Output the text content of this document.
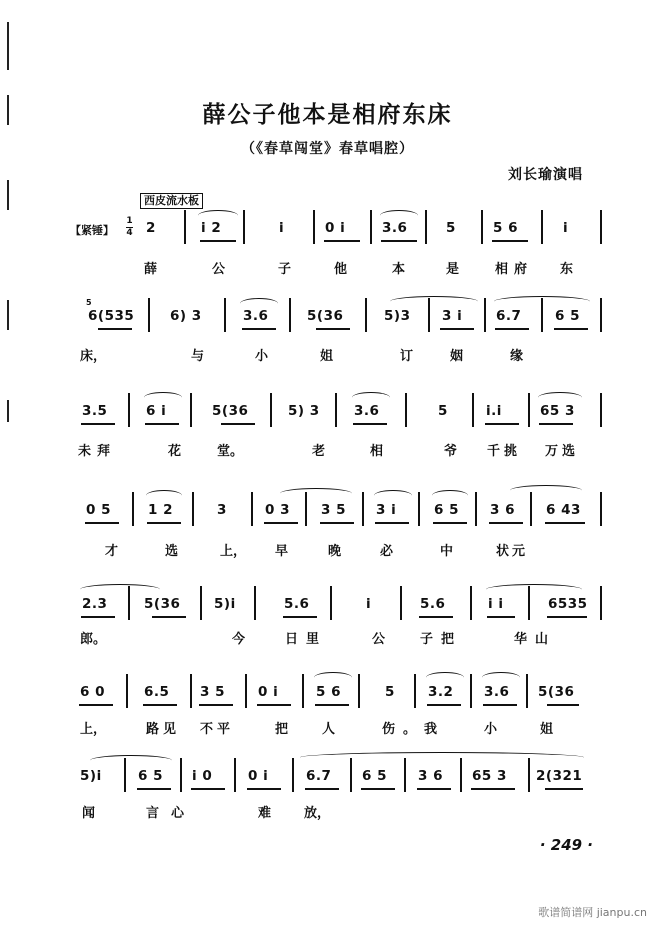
薛公子他本是相府东床
（《春草闯堂》春草唱腔）
刘长瑜演唱
西皮流水板
【紧锤】
1
4 2	i 2	i	0 i	3.6	5	5 6	i
薛	公	子	他	本	是	相府 东
5
6(535	6) 3	3.6	5(36	5)3 3 i	6.7 6 5
床，	与	小	姐	订	姻	缘
3.5	6 i	5(36	5) 3	3.6	5	i.i	65 3
未拜	花	堂。	老	相	爷 千挑 万选
0 5	1 2	3	0 3 3 5 3 i	6 5 3 6 6 43
才	选	上， 早	晚	必	中	状元
2.3	5(36 5)i	5.6	i	5.6	i i	6535
郎。	今	日里	公	子把	华山
6 0	6.5 3 5 0 i	5 6	5 3.2 3.6 5(36
上，	路见 不平	把	人	伤。我	小	姐
5)i	6 5 i 0	0 i	6.7 6 5 3 6 65 3 2(321
闻	言心	难	放，
· 249 ·
歌谱简谱网 jianpu.cn
